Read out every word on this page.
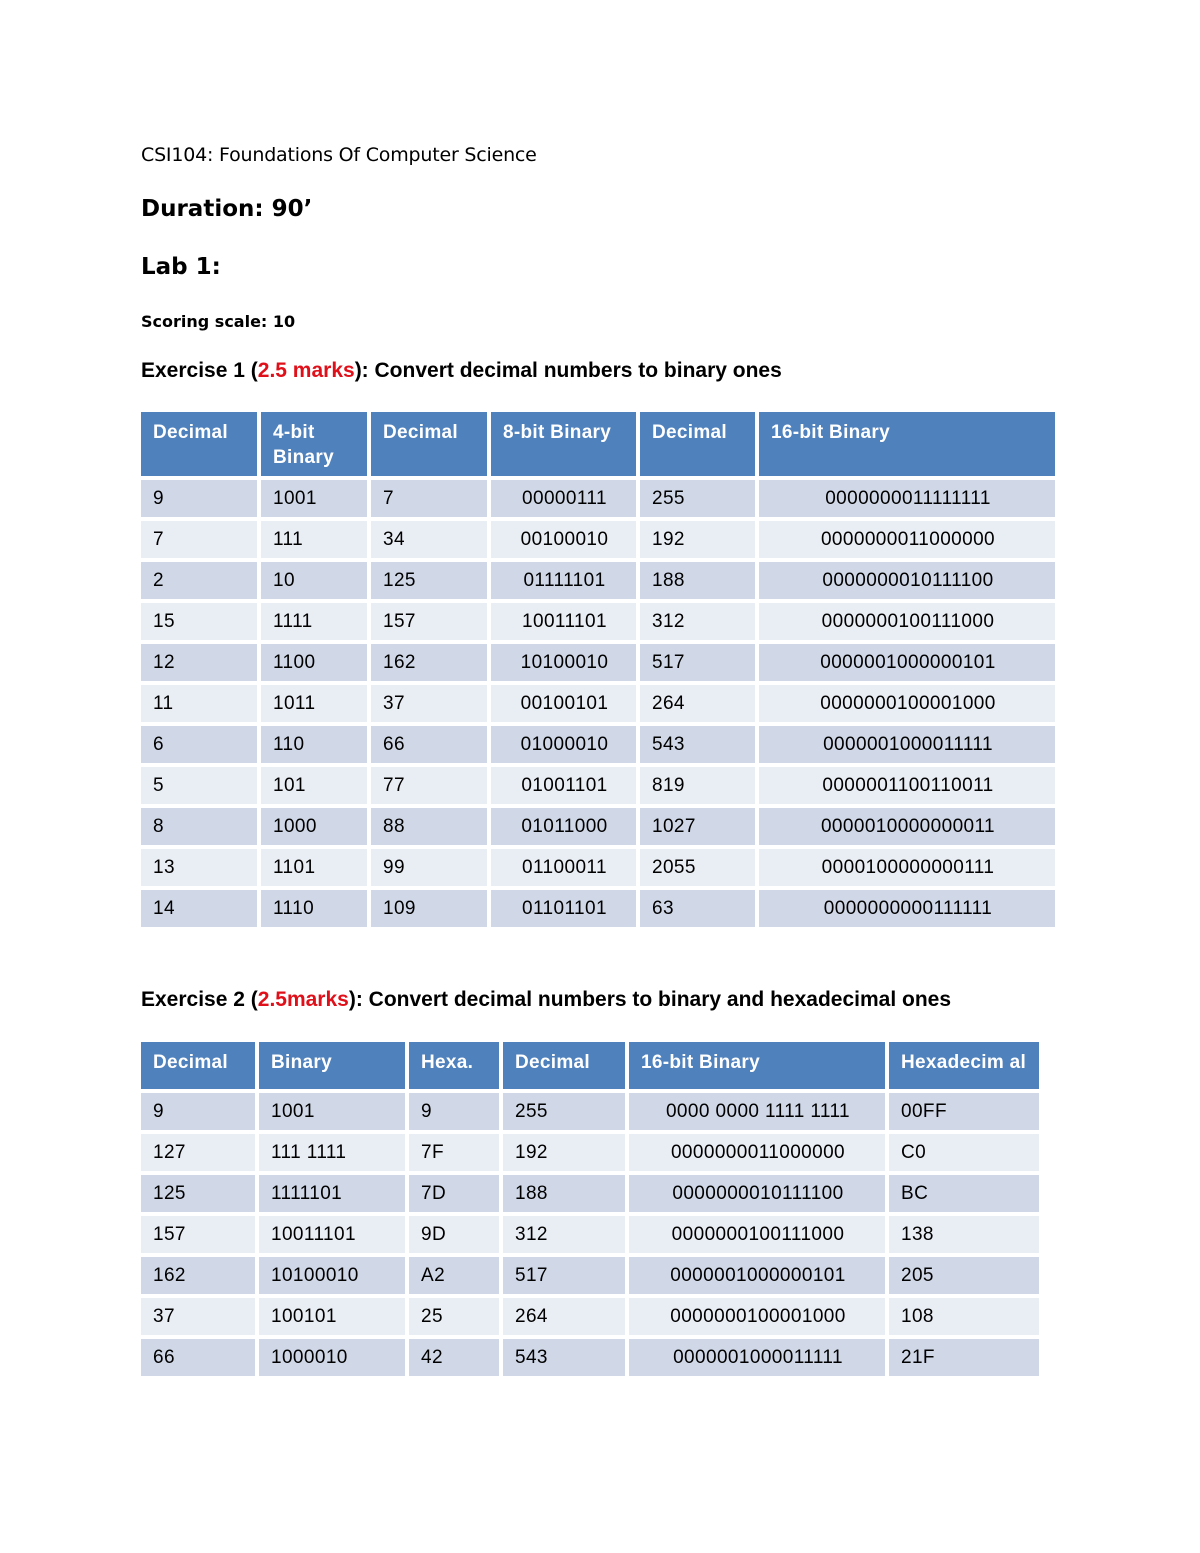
CSI104: Foundations Of Computer Science
Duration: 90’
Lab 1:
Scoring scale: 10
Exercise 1 (2.5 marks): Convert decimal numbers to binary ones
Decimal	4-bit Binary	Decimal	8-bit Binary	Decimal	16-bit Binary
9	1001	7	00000111	255	0000000011111111
7	111	34	00100010	192	0000000011000000
2	10	125	01111101	188	0000000010111100
15	1111	157	10011101	312	0000000100111000
12	1100	162	10100010	517	0000001000000101
11	1011	37	00100101	264	0000000100001000
6	110	66	01000010	543	0000001000011111
5	101	77	01001101	819	0000001100110011
8	1000	88	01011000	1027	0000010000000011
13	1101	99	01100011	2055	0000100000000111
14	1110	109	01101101	63	0000000000111111
Exercise 2 (2.5marks): Convert decimal numbers to binary and hexadecimal ones
Decimal	Binary	Hexa.	Decimal	16-bit Binary	Hexadecim al
9	1001	9	255	0000 0000 1111 1111	00FF
127	111 1111	7F	192	0000000011000000	C0
125	1111101	7D	188	0000000010111100	BC
157	10011101	9D	312	0000000100111000	138
162	10100010	A2	517	0000001000000101	205
37	100101	25	264	0000000100001000	108
66	1000010	42	543	0000001000011111	21F
